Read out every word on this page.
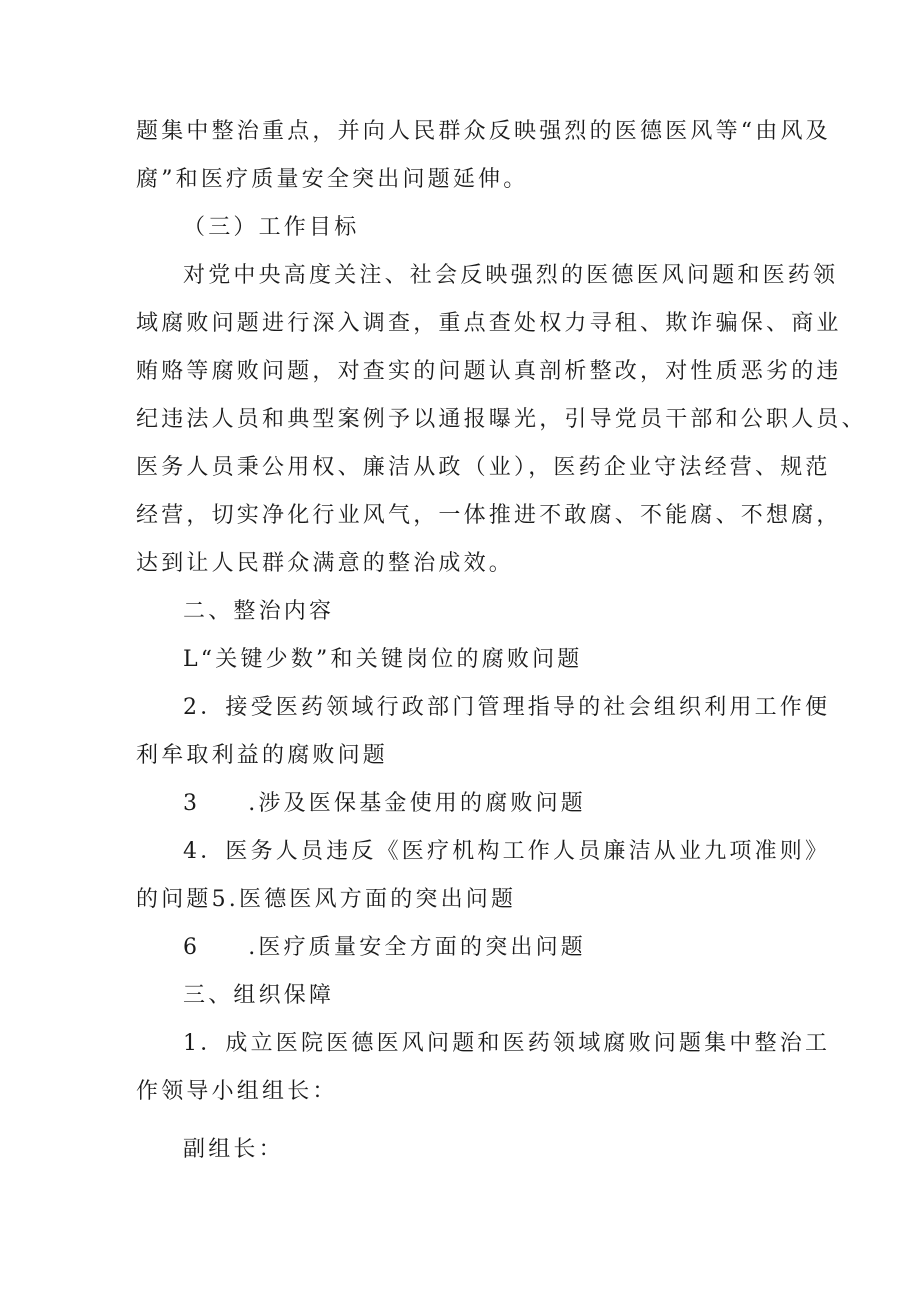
题集中整治重点，并向人民群众反映强烈的医德医风等“由风及
腐”和医疗质量安全突出问题延伸。
（三）工作目标
对党中央高度关注、社会反映强烈的医德医风问题和医药领
域腐败问题进行深入调查，重点查处权力寻租、欺诈骗保、商业
贿赂等腐败问题，对查实的问题认真剖析整改，对性质恶劣的违
纪违法人员和典型案例予以通报曝光，引导党员干部和公职人员、
医务人员秉公用权、廉洁从政（业），医药企业守法经营、规范
经营，切实净化行业风气，一体推进不敢腐、不能腐、不想腐，
达到让人民群众满意的整治成效。
二、整治内容
L“关键少数”和关键岗位的腐败问题
2．接受医药领域行政部门管理指导的社会组织利用工作便
利牟取利益的腐败问题
3 .涉及医保基金使用的腐败问题
4．医务人员违反《医疗机构工作人员廉洁从业九项准则》
的问题5.医德医风方面的突出问题
6 .医疗质量安全方面的突出问题
三、组织保障
1．成立医院医德医风问题和医药领域腐败问题集中整治工
作领导小组组长：
副组长：
